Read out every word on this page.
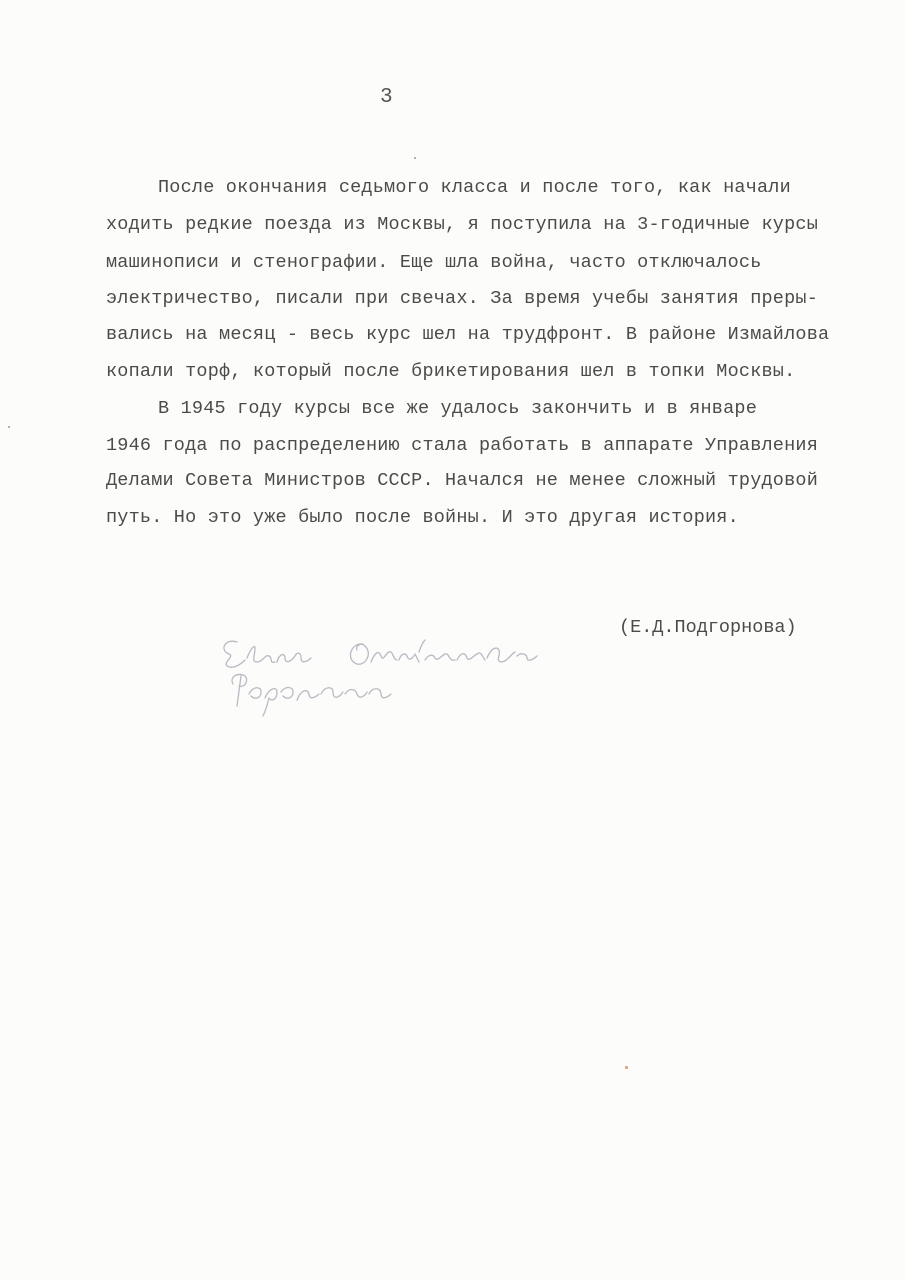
3
После окончания седьмого класса и после того, как начали
ходить редкие поезда из Москвы, я поступила на 3-годичные курсы
машинописи и стенографии. Еще шла война, часто отключалось
электричество, писали при свечах. За время учебы занятия преры-
вались на месяц - весь курс шел на трудфронт. В районе Измайлова
копали торф, который после брикетирования шел в топки Москвы.
В 1945 году курсы все же удалось закончить и в январе
1946 года по распределению стала работать в аппарате Управления
Делами Совета Министров СССР. Начался не менее сложный трудовой
путь. Но это уже было после войны. И это другая история.
(Е.Д.Подгорнова)
